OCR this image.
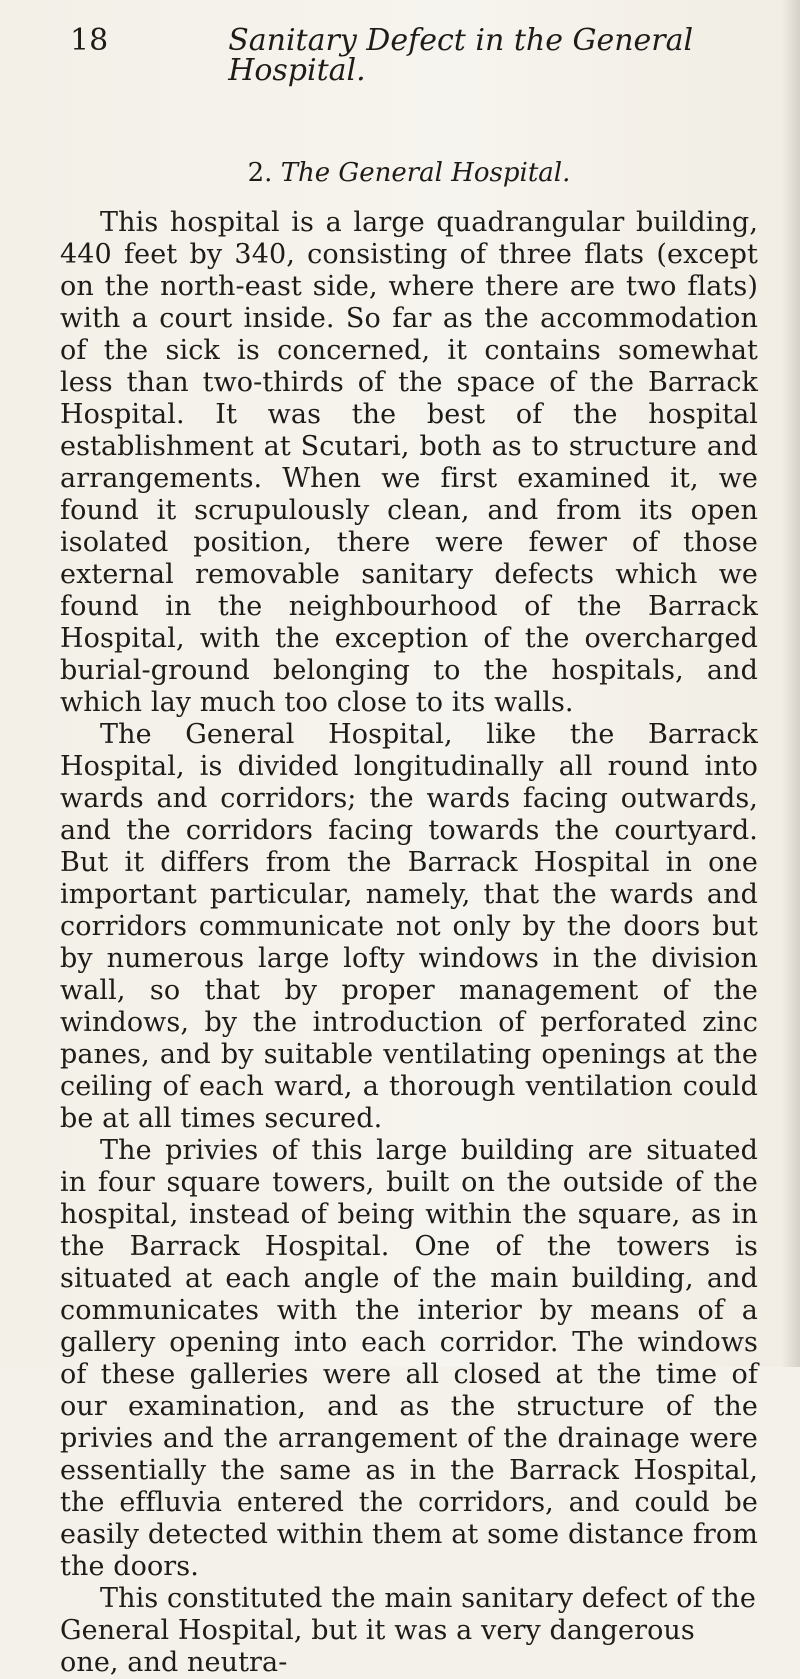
18	Sanitary Defect in the General Hospital.
2. The General Hospital.

This hospital is a large quadrangular building, 440 feet by 340, consisting of three flats (except on the north-east side, where there are two flats) with a court inside. So far as the accommodation of the sick is concerned, it contains somewhat less than two-thirds of the space of the Barrack Hospital. It was the best of the hospital establishment at Scutari, both as to structure and arrangements. When we first examined it, we found it scrupulously clean, and from its open isolated position, there were fewer of those external removable sanitary defects which we found in the neighbourhood of the Barrack Hospital, with the exception of the overcharged burial-ground belonging to the hospitals, and which lay much too close to its walls.

The General Hospital, like the Barrack Hospital, is divided longitudinally all round into wards and corridors; the wards facing outwards, and the corridors facing towards the courtyard. But it differs from the Barrack Hospital in one important particular, namely, that the wards and corridors communicate not only by the doors but by numerous large lofty windows in the division wall, so that by proper management of the windows, by the introduction of perforated zinc panes, and by suitable ventilating openings at the ceiling of each ward, a thorough ventilation could be at all times secured.

The privies of this large building are situated in four square towers, built on the outside of the hospital, instead of being within the square, as in the Barrack Hospital. One of the towers is situated at each angle of the main building, and communicates with the interior by means of a gallery opening into each corridor. The windows of these galleries were all closed at the time of our examination, and as the structure of the privies and the arrangement of the drainage were essentially the same as in the Barrack Hospital, the effluvia entered the corridors, and could be easily detected within them at some distance from the doors.

This constituted the main sanitary defect of the General Hospital, but it was a very dangerous one, and neutra-
